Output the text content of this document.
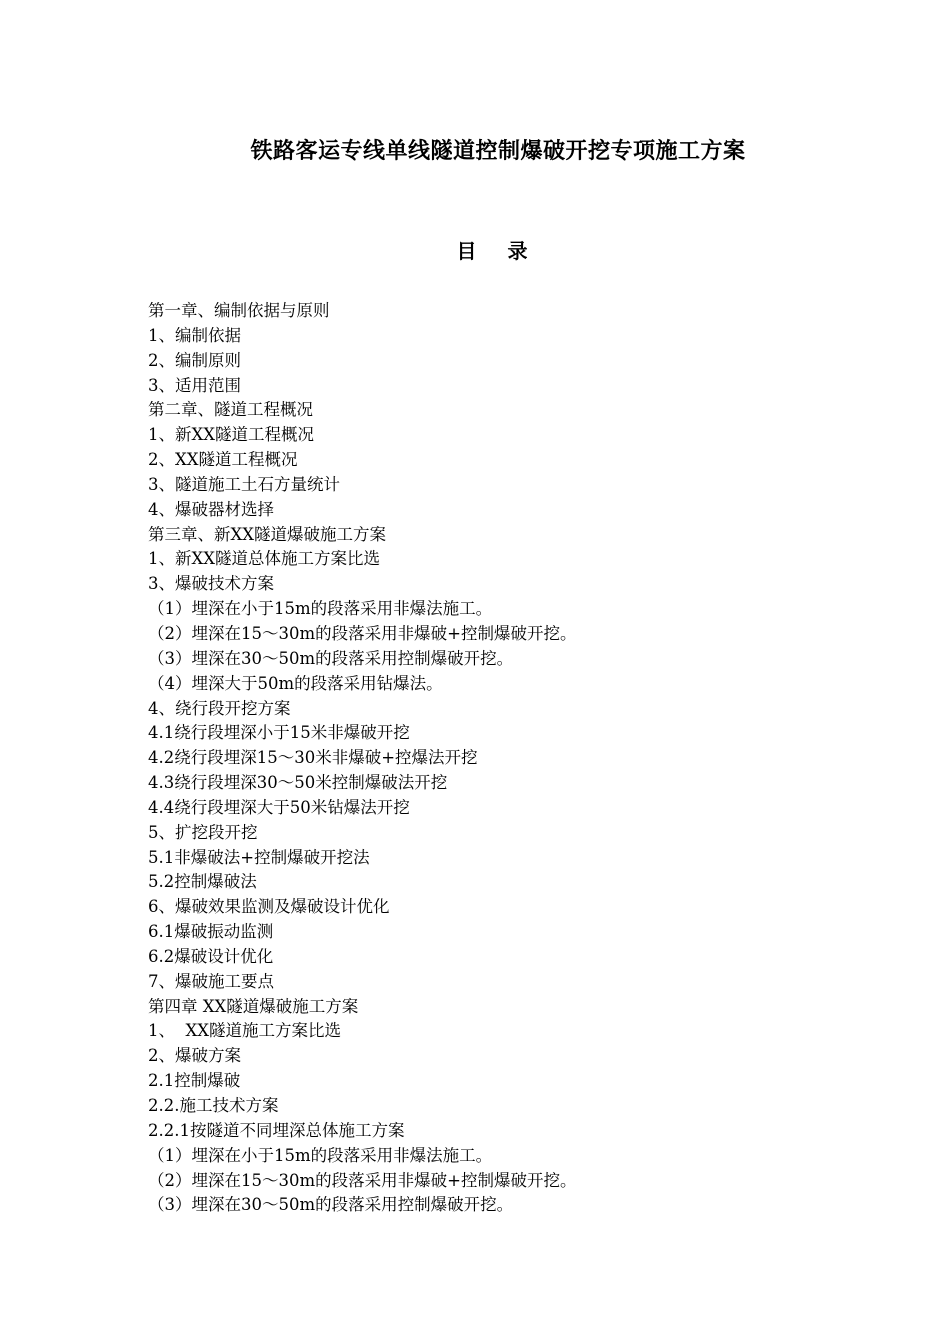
铁路客运专线单线隧道控制爆破开挖专项施工方案
目 录
第一章、编制依据与原则
1、编制依据
2、编制原则
3、适用范围
第二章、隧道工程概况
1、新XX隧道工程概况
2、XX隧道工程概况
3、隧道施工土石方量统计
4、爆破器材选择
第三章、新XX隧道爆破施工方案
1、新XX隧道总体施工方案比选
3、爆破技术方案
（1）埋深在小于15m的段落采用非爆法施工。
（2）埋深在15～30m的段落采用非爆破+控制爆破开挖。
（3）埋深在30～50m的段落采用控制爆破开挖。
（4）埋深大于50m的段落采用钻爆法。
4、绕行段开挖方案
4.1绕行段埋深小于15米非爆破开挖
4.2绕行段埋深15～30米非爆破+控爆法开挖
4.3绕行段埋深30～50米控制爆破法开挖
4.4绕行段埋深大于50米钻爆法开挖
5、扩挖段开挖
5.1非爆破法+控制爆破开挖法
5.2控制爆破法
6、爆破效果监测及爆破设计优化
6.1爆破振动监测
6.2爆破设计优化
7、爆破施工要点
第四章 XX隧道爆破施工方案
1、  XX隧道施工方案比选
2、爆破方案
2.1控制爆破
2.2.施工技术方案
2.2.1按隧道不同埋深总体施工方案
（1）埋深在小于15m的段落采用非爆法施工。
（2）埋深在15～30m的段落采用非爆破+控制爆破开挖。
（3）埋深在30～50m的段落采用控制爆破开挖。
